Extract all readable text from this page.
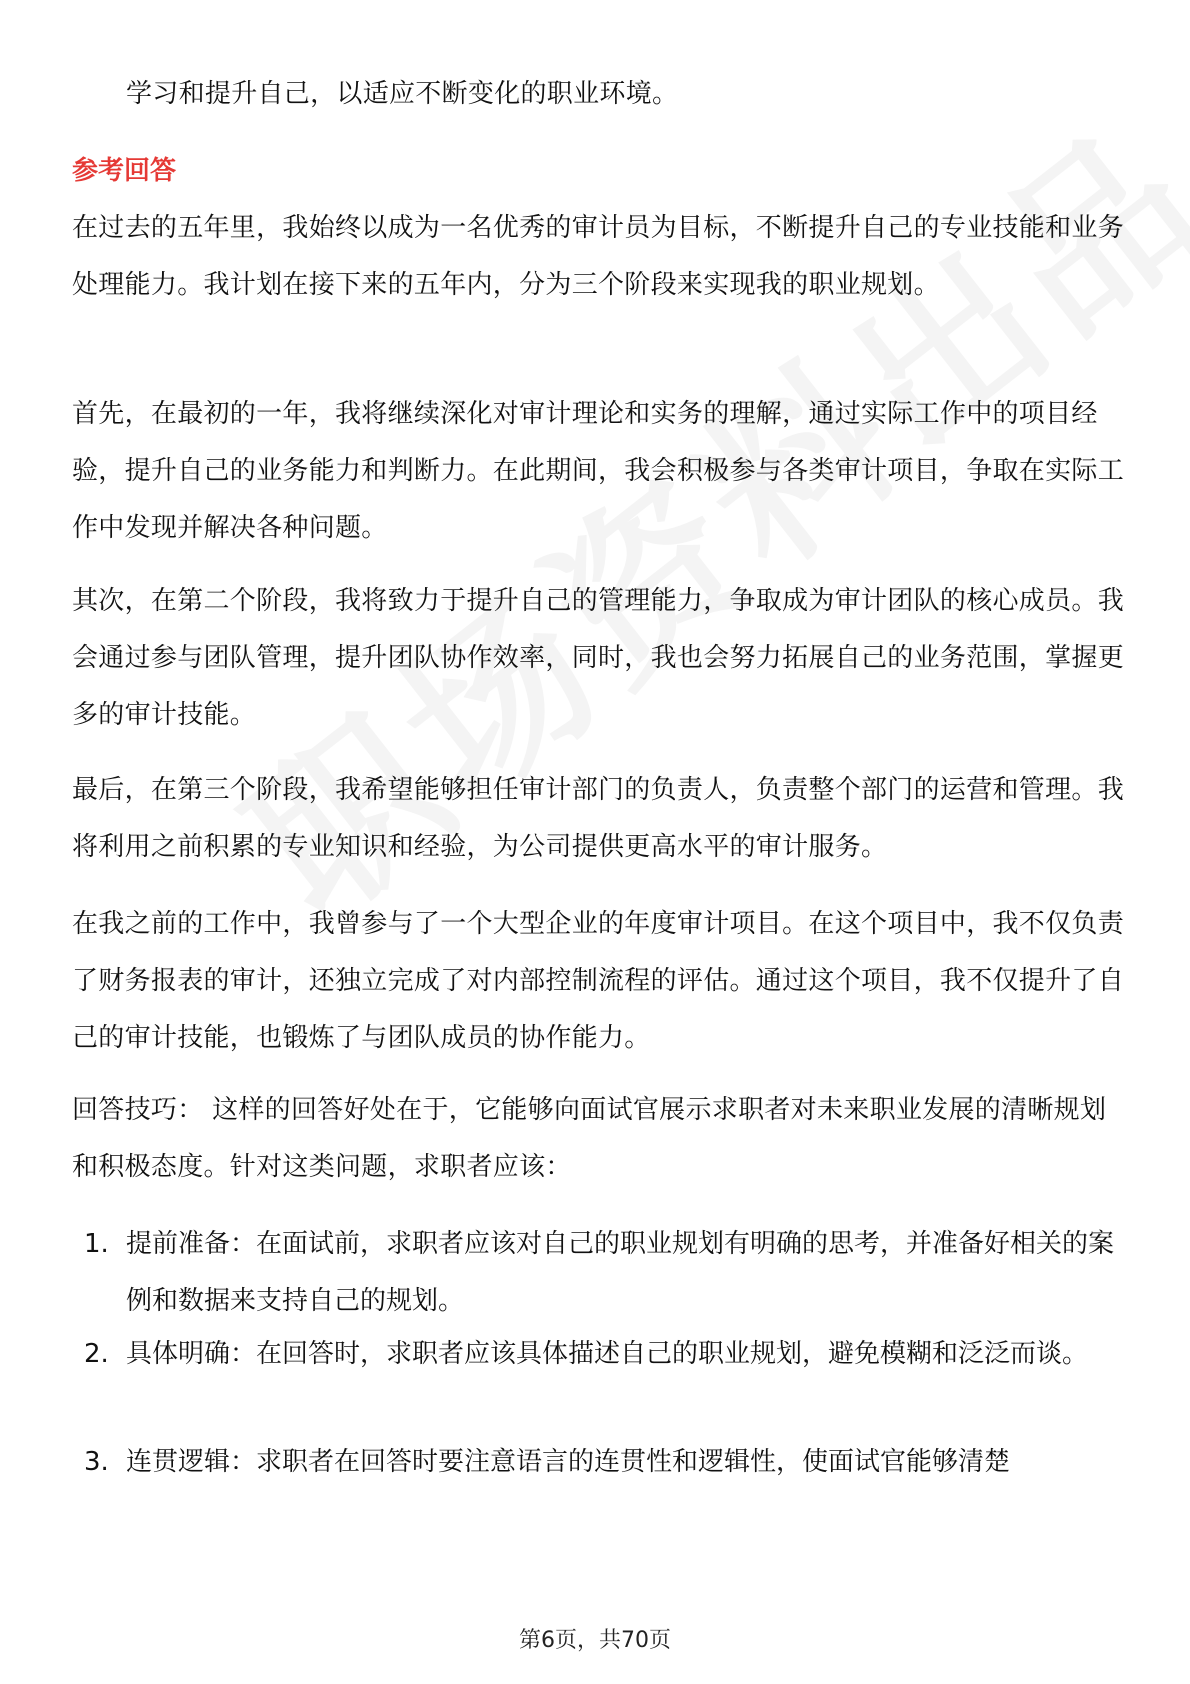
学习和提升自己，以适应不断变化的职业环境。
参考回答
在过去的五年里，我始终以成为一名优秀的审计员为目标，不断提升自己的专业技能和业务处理能力。我计划在接下来的五年内，分为三个阶段来实现我的职业规划。
首先，在最初的一年，我将继续深化对审计理论和实务的理解，通过实际工作中的项目经验，提升自己的业务能力和判断力。在此期间，我会积极参与各类审计项目，争取在实际工作中发现并解决各种问题。
其次，在第二个阶段，我将致力于提升自己的管理能力，争取成为审计团队的核心成员。我会通过参与团队管理，提升团队协作效率，同时，我也会努力拓展自己的业务范围，掌握更多的审计技能。
最后，在第三个阶段，我希望能够担任审计部门的负责人，负责整个部门的运营和管理。我将利用之前积累的专业知识和经验，为公司提供更高水平的审计服务。
在我之前的工作中，我曾参与了一个大型企业的年度审计项目。在这个项目中，我不仅负责了财务报表的审计，还独立完成了对内部控制流程的评估。通过这个项目，我不仅提升了自己的审计技能，也锻炼了与团队成员的协作能力。
回答技巧： 这样的回答好处在于，它能够向面试官展示求职者对未来职业发展的清晰规划和积极态度。针对这类问题，求职者应该：
1. 提前准备：在面试前，求职者应该对自己的职业规划有明确的思考，并准备好相关的案例和数据来支持自己的规划。
2. 具体明确：在回答时，求职者应该具体描述自己的职业规划，避免模糊和泛泛而谈。
3. 连贯逻辑：求职者在回答时要注意语言的连贯性和逻辑性，使面试官能够清楚
第6页，共70页
